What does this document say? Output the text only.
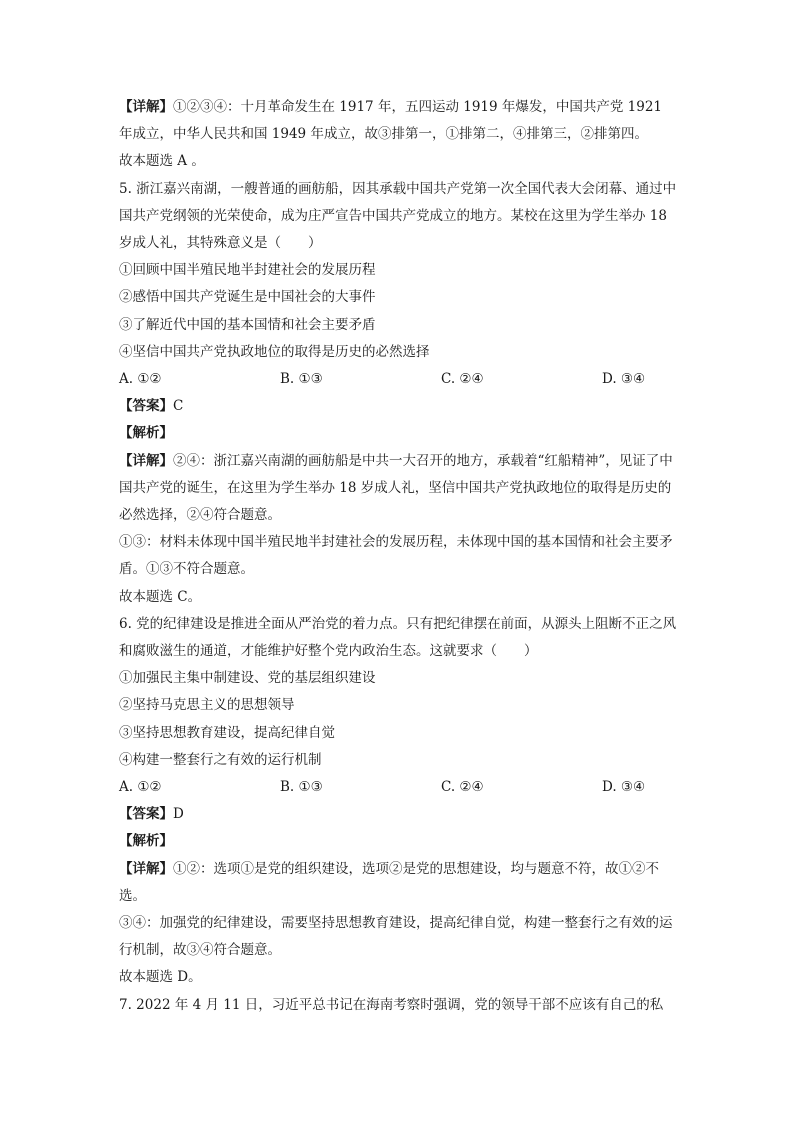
【详解】①②③④：十月革命发生在 1917 年，五四运动 1919 年爆发，中国共产党 1921 年成立，中华人民共和国 1949 年成立，故③排第一，①排第二，④排第三，②排第四。

故本题选 A 。

5. 浙江嘉兴南湖，一艘普通的画舫船，因其承载中国共产党第一次全国代表大会闭幕、通过中国共产党纲领的光荣使命，成为庄严宣告中国共产党成立的地方。某校在这里为学生举办 18 岁成人礼，其特殊意义是（　　）

①回顾中国半殖民地半封建社会的发展历程

②感悟中国共产党诞生是中国社会的大事件

③了解近代中国的基本国情和社会主要矛盾

④坚信中国共产党执政地位的取得是历史的必然选择

A. ①②	B. ①③	C. ②④	D. ③④

【答案】C

【解析】

【详解】②④：浙江嘉兴南湖的画舫船是中共一大召开的地方，承载着“红船精神”，见证了中国共产党的诞生，在这里为学生举办 18 岁成人礼，坚信中国共产党执政地位的取得是历史的必然选择，②④符合题意。

①③：材料未体现中国半殖民地半封建社会的发展历程，未体现中国的基本国情和社会主要矛盾。①③不符合题意。

故本题选 C。

6. 党的纪律建设是推进全面从严治党的着力点。只有把纪律摆在前面，从源头上阻断不正之风和腐败滋生的通道，才能维护好整个党内政治生态。这就要求（　　）

①加强民主集中制建设、党的基层组织建设

②坚持马克思主义的思想领导

③坚持思想教育建设，提高纪律自觉

④构建一整套行之有效的运行机制

A. ①②	B. ①③	C. ②④	D. ③④

【答案】D

【解析】

【详解】①②：选项①是党的组织建设，选项②是党的思想建设，均与题意不符，故①②不选。

③④：加强党的纪律建设，需要坚持思想教育建设，提高纪律自觉，构建一整套行之有效的运行机制，故③④符合题意。

故本题选 D。

7. 2022 年 4 月 11 日，习近平总书记在海南考察时强调，党的领导干部不应该有自己的私
